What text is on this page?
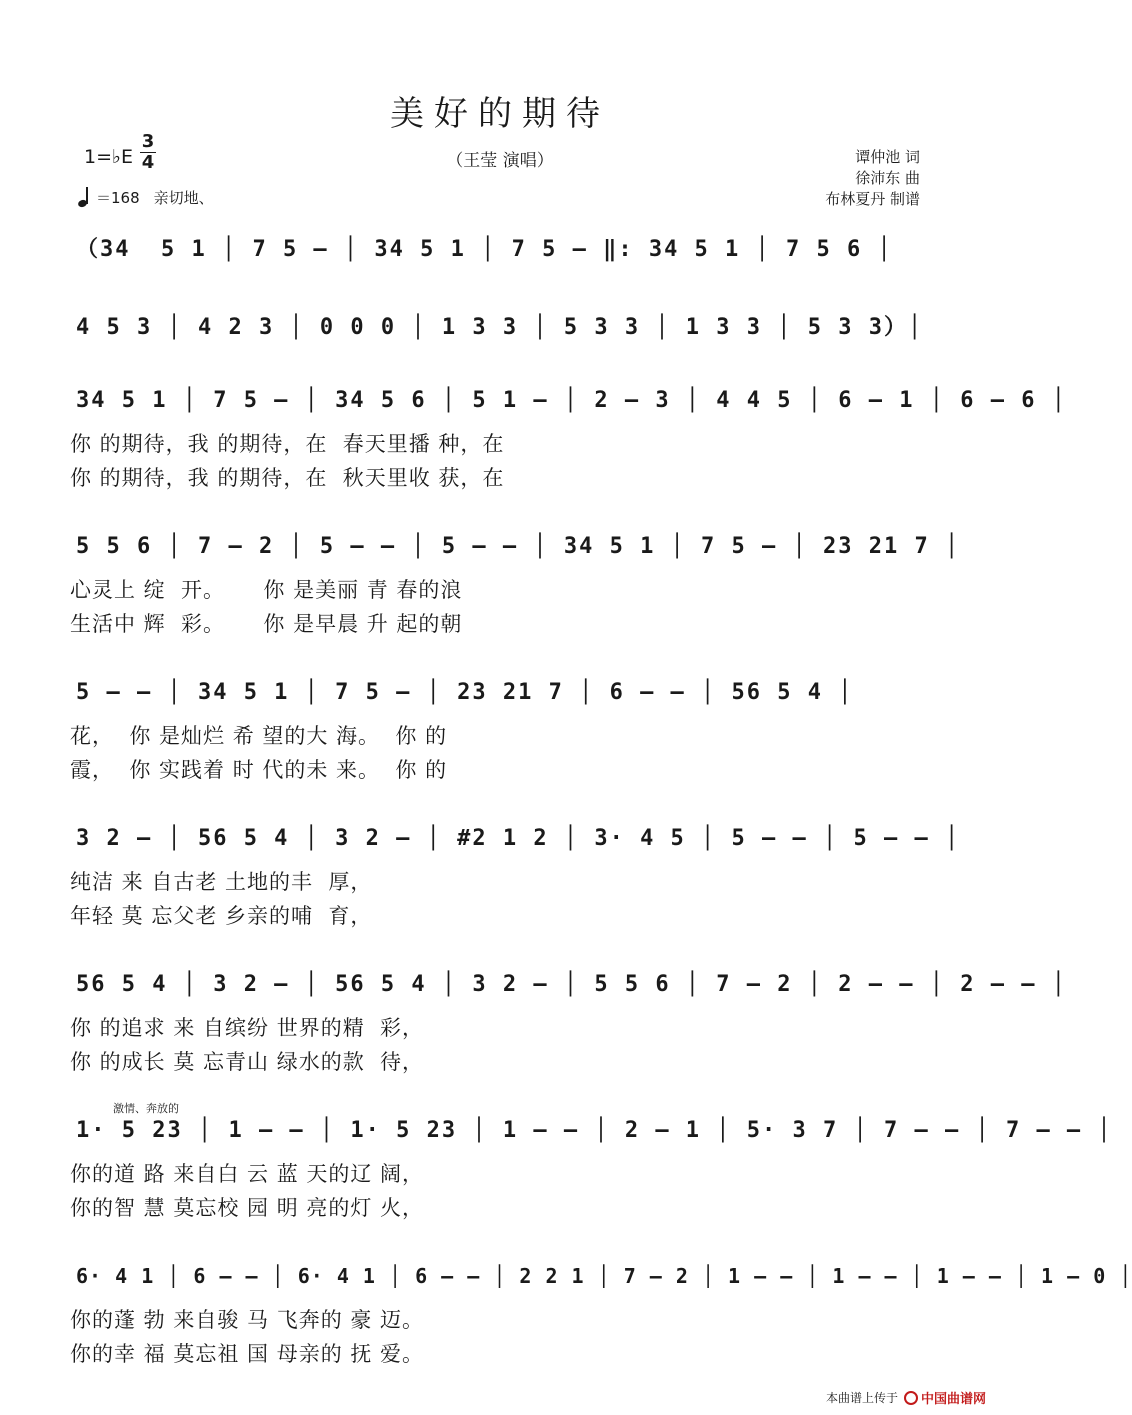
美好的期待
（王莹 演唱）
1=♭E
3
4
＝168 亲切地、
谭仲池 词
徐沛东 曲
布林夏丹 制谱
（34  5 1 │ 7 5 – │ 34 5 1 │ 7 5 – ‖: 34 5 1 │ 7 5 6 │
4 5 3 │ 4 2 3 │ 0 0 0 │ 1 3 3 │ 5 3 3 │ 1 3 3 │ 5 3 3）│
34 5 1 │ 7 5 – │ 34 5 6 │ 5 1 – │ 2 – 3 │ 4 4 5 │ 6 – 1 │ 6 – 6 │
你 的期待，我 的期待，在  春天里播 种，在
你 的期待，我 的期待，在  秋天里收 获，在
5 5 6 │ 7 – 2 │ 5 – – │ 5 – – │ 34 5 1 │ 7 5 – │ 23 21 7 │
心灵上 绽  开。     你 是美丽 青 春的浪
生活中 辉  彩。     你 是早晨 升 起的朝
5 – – │ 34 5 1 │ 7 5 – │ 23 21 7 │ 6 – – │ 56 5 4 │
花，  你 是灿烂 希 望的大 海。  你 的
霞，  你 实践着 时 代的未 来。  你 的
3 2 – │ 56 5 4 │ 3 2 – │ #2 1 2 │ 3· 4 5 │ 5 – – │ 5 – – │
纯洁 来 自古老 土地的丰  厚，
年轻 莫 忘父老 乡亲的哺  育，
56 5 4 │ 3 2 – │ 56 5 4 │ 3 2 – │ 5 5 6 │ 7 – 2 │ 2 – – │ 2 – – │
你 的追求 来 自缤纷 世界的精  彩，
你 的成长 莫 忘青山 绿水的款  待，
激情、奔放的
1· 5 23 │ 1 – – │ 1· 5 23 │ 1 – – │ 2 – 1 │ 5· 3 7 │ 7 – – │ 7 – – │
你的道 路 来自白 云 蓝 天的辽 阔，
你的智 慧 莫忘校 园 明 亮的灯 火，
6· 4 1 │ 6 – – │ 6· 4 1 │ 6 – – │ 2 2 1 │ 7 – 2 │ 1 – – │ 1 – – │ 1 – – │ 1 – 0 │
你的蓬 勃 来自骏 马 飞奔的 豪 迈。
你的幸 福 莫忘祖 国 母亲的 抚 爱。
本曲谱上传于 中国曲谱网
